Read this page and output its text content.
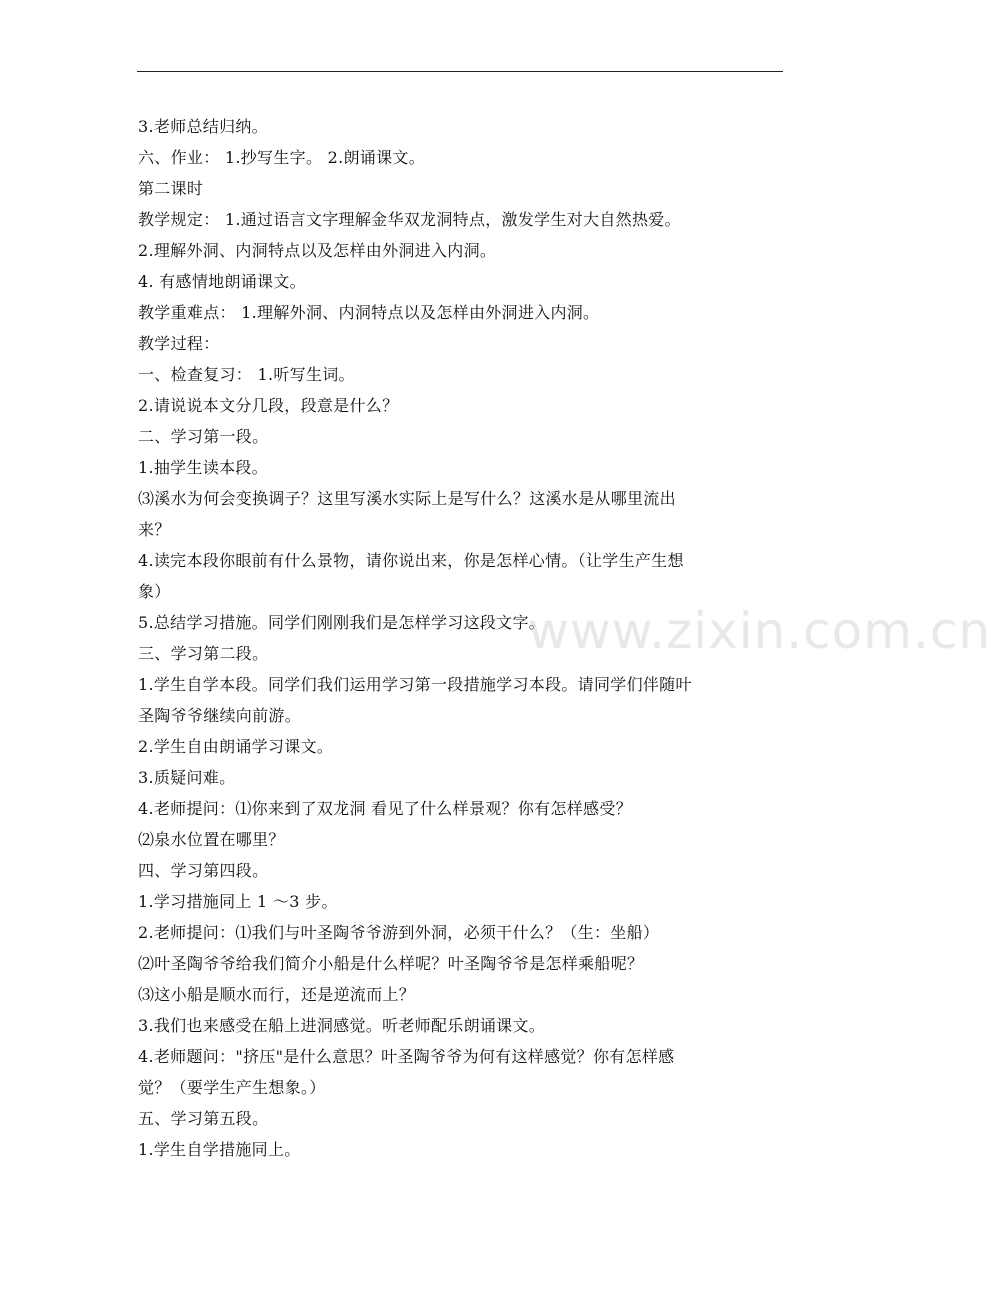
3.老师总结归纳。
六、作业： 1.抄写生字。 2.朗诵课文。
第二课时
教学规定： 1.通过语言文字理解金华双龙洞特点，激发学生对大自然热爱。
2.理解外洞、内洞特点以及怎样由外洞进入内洞。
4. 有感情地朗诵课文。
教学重难点： 1.理解外洞、内洞特点以及怎样由外洞进入内洞。
教学过程：
一、检查复习： 1.听写生词。
2.请说说本文分几段，段意是什么？
二、学习第一段。
1.抽学生读本段。
⑶溪水为何会变换调子？这里写溪水实际上是写什么？这溪水是从哪里流出
来？
4.读完本段你眼前有什么景物，请你说出来，你是怎样心情。（让学生产生想
象）
5.总结学习措施。同学们刚刚我们是怎样学习这段文字。
三、学习第二段。
1.学生自学本段。同学们我们运用学习第一段措施学习本段。请同学们伴随叶
圣陶爷爷继续向前游。
2.学生自由朗诵学习课文。
3.质疑问难。
4.老师提问：⑴你来到了双龙洞 看见了什么样景观？你有怎样感受？
⑵泉水位置在哪里？
四、学习第四段。
1.学习措施同上 1 ～3 步。
2.老师提问：⑴我们与叶圣陶爷爷游到外洞，必须干什么？（生：坐船）
⑵叶圣陶爷爷给我们简介小船是什么样呢？叶圣陶爷爷是怎样乘船呢？
⑶这小船是顺水而行，还是逆流而上？
3.我们也来感受在船上进洞感觉。听老师配乐朗诵课文。
4.老师题问："挤压"是什么意思？叶圣陶爷爷为何有这样感觉？你有怎样感
觉？（要学生产生想象。）
五、学习第五段。
1.学生自学措施同上。
www.zixin.com.cn
